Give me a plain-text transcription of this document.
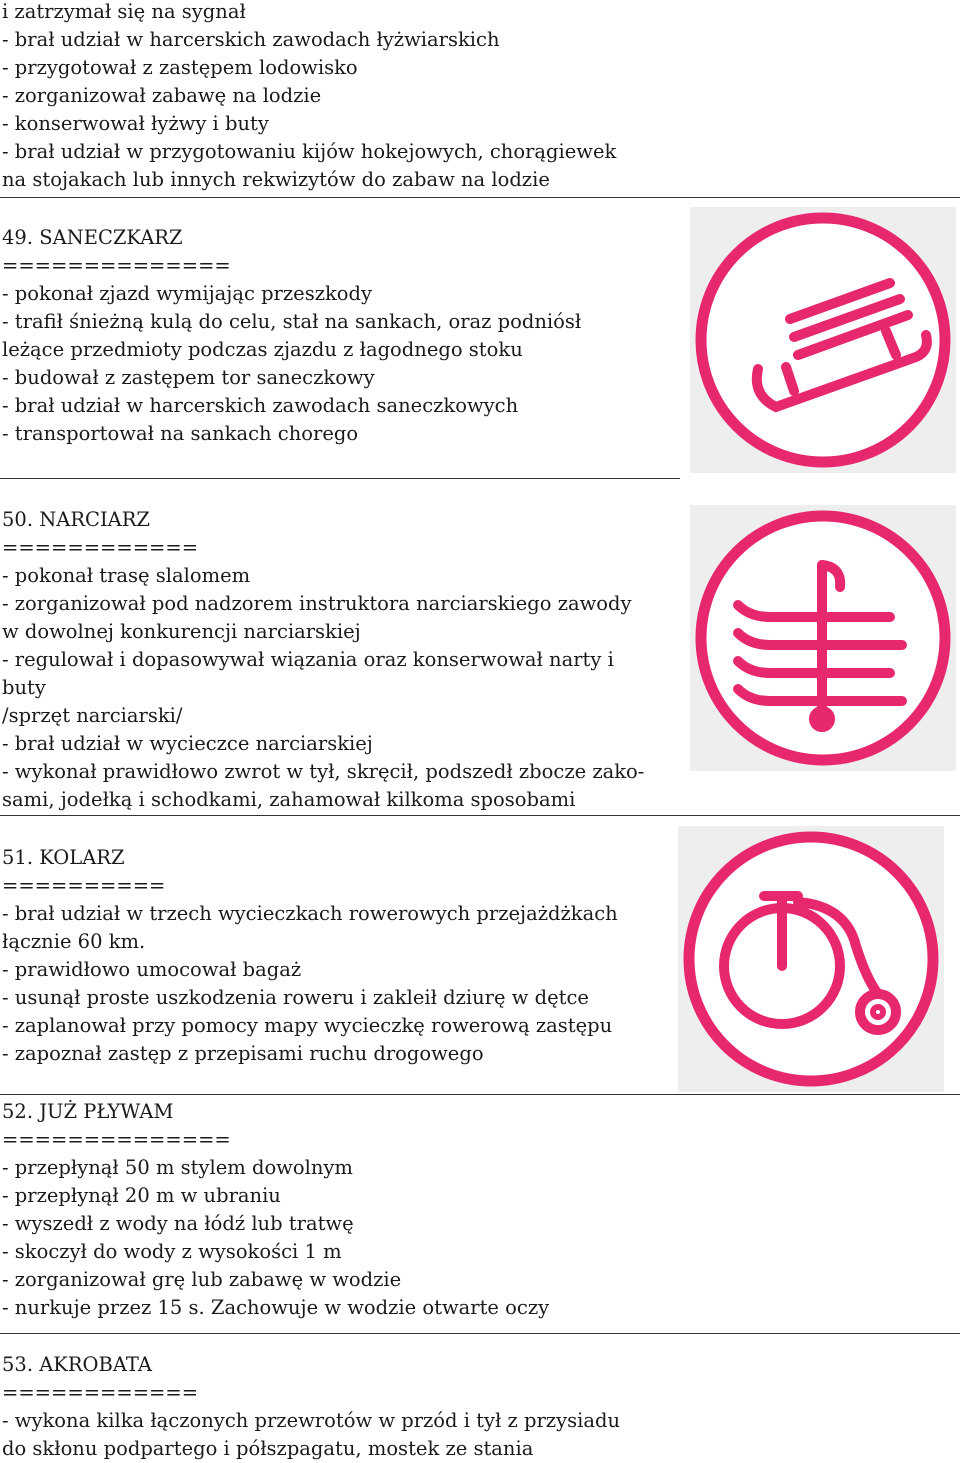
i zatrzymał się na sygnał
- brał udział w harcerskich zawodach łyżwiarskich
- przygotował z zastępem lodowisko
- zorganizował zabawę na lodzie
- konserwował łyżwy i buty
- brał udział w przygotowaniu kijów hokejowych, chorągiewek
na stojakach lub innych rekwizytów do zabaw na lodzie
49. SANECZKARZ
==============
- pokonał zjazd wymijając przeszkody
- trafił śnieżną kulą do celu, stał na sankach, oraz podniósł
leżące przedmioty podczas zjazdu z łagodnego stoku
- budował z zastępem tor saneczkowy
- brał udział w harcerskich zawodach saneczkowych
- transportował na sankach chorego
50. NARCIARZ
============
- pokonał trasę slalomem
- zorganizował pod nadzorem instruktora narciarskiego zawody
w dowolnej konkurencji narciarskiej
- regulował i dopasowywał wiązania oraz konserwował narty i
buty
/sprzęt narciarski/
- brał udział w wycieczce narciarskiej
- wykonał prawidłowo zwrot w tył, skręcił, podszedł zbocze zako-
sami, jodełką i schodkami, zahamował kilkoma sposobami
51. KOLARZ
==========
- brał udział w trzech wycieczkach rowerowych przejażdżkach
łącznie 60 km.
- prawidłowo umocował bagaż
- usunął proste uszkodzenia roweru i zakleił dziurę w dętce
- zaplanował przy pomocy mapy wycieczkę rowerową zastępu
- zapoznał zastęp z przepisami ruchu drogowego
52. JUŻ PŁYWAM
==============
- przepłynął 50 m stylem dowolnym
- przepłynął 20 m w ubraniu
- wyszedł z wody na łódź lub tratwę
- skoczył do wody z wysokości 1 m
- zorganizował grę lub zabawę w wodzie
- nurkuje przez 15 s. Zachowuje w wodzie otwarte oczy
53. AKROBATA
============
- wykona kilka łączonych przewrotów w przód i tył z przysiadu
do skłonu podpartego i półszpagatu, mostek ze stania
